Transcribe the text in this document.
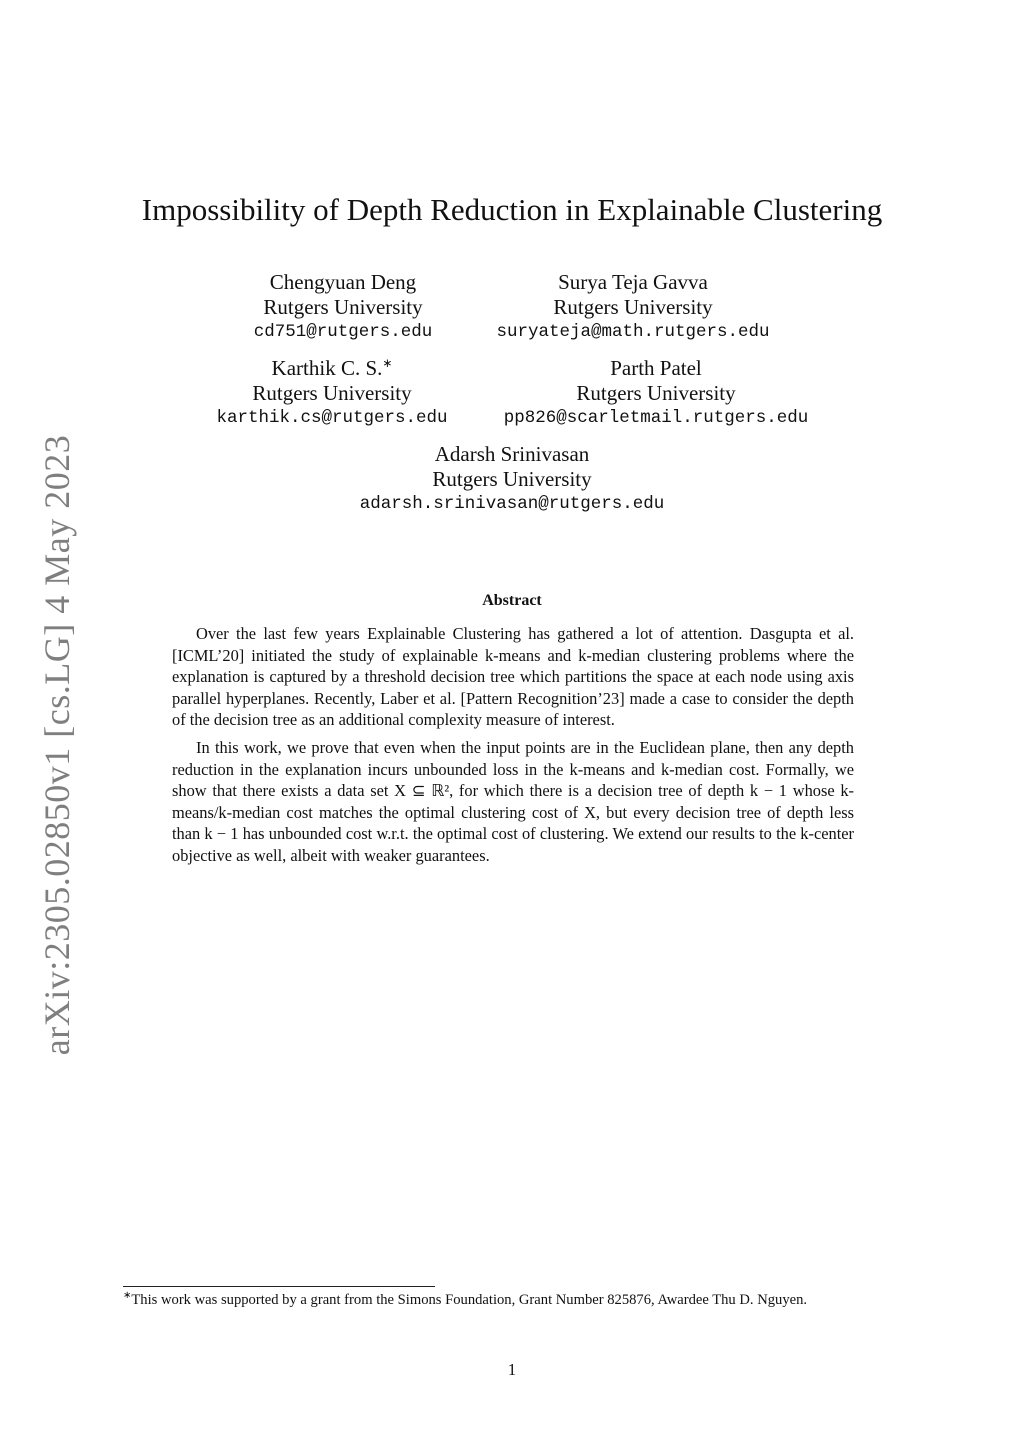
arXiv:2305.02850v1 [cs.LG] 4 May 2023
Impossibility of Depth Reduction in Explainable Clustering
Chengyuan Deng
Rutgers University
cd751@rutgers.edu
Surya Teja Gavva
Rutgers University
suryateja@math.rutgers.edu
Karthik C. S.∗
Rutgers University
karthik.cs@rutgers.edu
Parth Patel
Rutgers University
pp826@scarletmail.rutgers.edu
Adarsh Srinivasan
Rutgers University
adarsh.srinivasan@rutgers.edu
Abstract

Over the last few years Explainable Clustering has gathered a lot of attention. Dasgupta et al. [ICML’20] initiated the study of explainable k-means and k-median clustering problems where the explanation is captured by a threshold decision tree which partitions the space at each node using axis parallel hyperplanes. Recently, Laber et al. [Pattern Recognition’23] made a case to consider the depth of the decision tree as an additional complexity measure of interest.

In this work, we prove that even when the input points are in the Euclidean plane, then any depth reduction in the explanation incurs unbounded loss in the k-means and k-median cost. Formally, we show that there exists a data set X ⊆ ℝ², for which there is a decision tree of depth k − 1 whose k-means/k-median cost matches the optimal clustering cost of X, but every decision tree of depth less than k − 1 has unbounded cost w.r.t. the optimal cost of clustering. We extend our results to the k-center objective as well, albeit with weaker guarantees.

∗This work was supported by a grant from the Simons Foundation, Grant Number 825876, Awardee Thu D. Nguyen.
1
